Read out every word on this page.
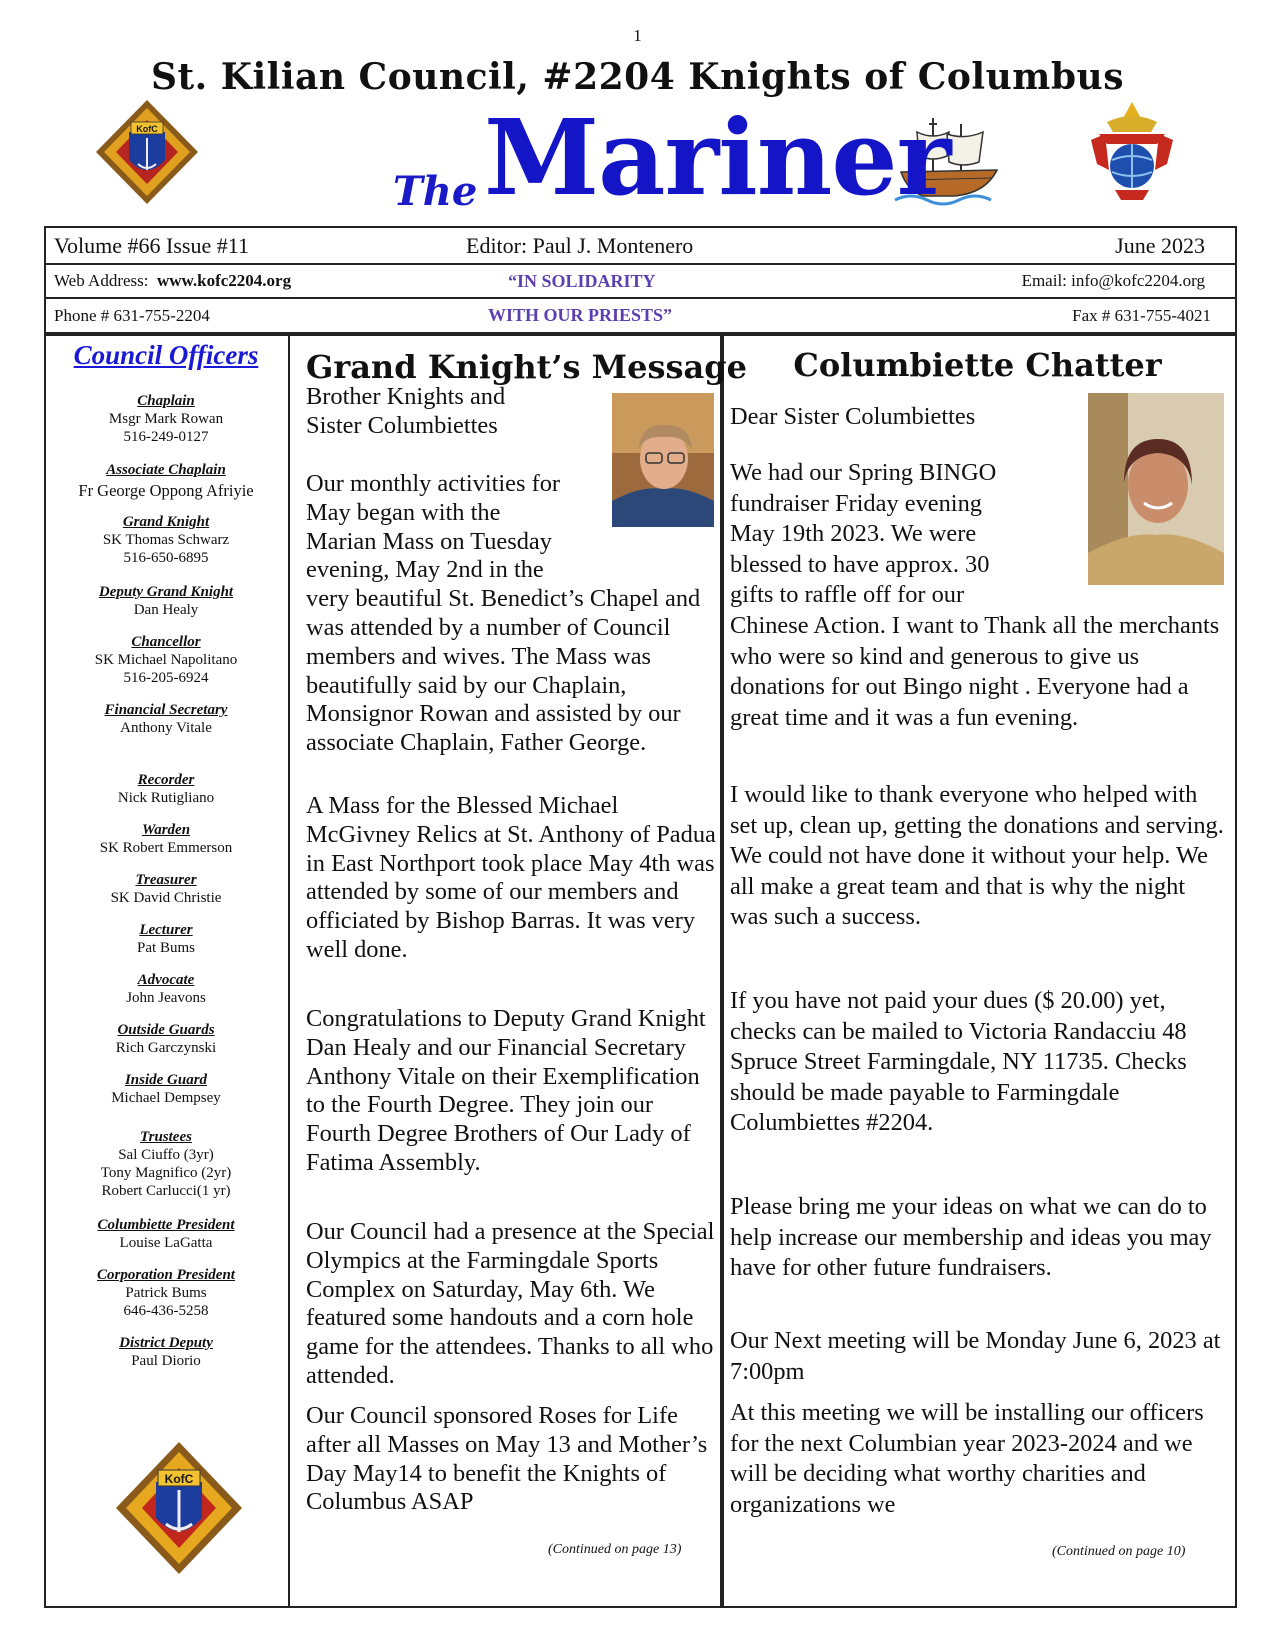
1
St. Kilian Council, #2204 Knights of Columbus
KofC
The Mariner
Volume #66 Issue #11	Editor: Paul J. Montenero	June 2023
Web Address:
www.kofc2204.org	“IN SOLIDARITY	Email: info@kofc2204.org
Phone # 631-755-2204	WITH OUR PRIESTS”	Fax # 631-755-4021
Council Officers
Chaplain
Msgr Mark Rowan
516-249-0127
Associate Chaplain
Fr George Oppong Afriyie
Grand Knight
SK Thomas Schwarz
516-650-6895
Deputy Grand Knight
Dan Healy
Chancellor
SK Michael Napolitano
516-205-6924
Financial Secretary
Anthony Vitale
Recorder
Nick Rutigliano
Warden
SK Robert Emmerson
Treasurer
SK David Christie
Lecturer
Pat Bums
Advocate
John Jeavons
Outside Guards
Rich Garczynski
Inside Guard
Michael Dempsey
Trustees
Sal Ciuffo (3yr)
Tony Magnifico (2yr)
Robert Carlucci(1 yr)
Columbiette President
Louise LaGatta
Corporation President
Patrick Bums
646-436-5258
District Deputy
Paul Diorio
KofC
Grand Knight’s Message
Brother Knights and
Sister Columbiettes
Our monthly activities for
May began with the
Marian Mass on Tuesday
evening, May 2nd in the
very beautiful St. Benedict’s Chapel and was attended by a number of Council members and wives. The Mass was beautifully said by our Chaplain, Monsignor Rowan and assisted by our associate Chaplain, Father George.
A Mass for the Blessed Michael McGivney Relics at St. Anthony of Padua in East Northport took place May 4th was attended by some of our members and officiated by Bishop Barras. It was very well done.
Congratulations to Deputy Grand Knight Dan Healy and our Financial Secretary Anthony Vitale on their Exemplification to the Fourth Degree. They join our Fourth Degree Brothers of Our Lady of Fatima Assembly.
Our Council had a presence at the Special Olympics at the Farmingdale Sports Complex on Saturday, May 6th. We featured some handouts and a corn hole game for the attendees. Thanks to all who attended.
Our Council sponsored Roses for Life after all Masses on May 13 and Mother’s Day May14 to benefit the Knights of Columbus ASAP
(Continued on page 13)
Columbiette Chatter
Dear Sister Columbiettes
We had our Spring BINGO
fundraiser Friday evening
May 19th 2023. We were
blessed to have approx. 30
gifts to raffle off for our
Chinese Action. I want to Thank all the merchants who were so kind and generous to give us donations for out Bingo night . Everyone had a great time and it was a fun evening.
I would like to thank everyone who helped with set up, clean up, getting the donations and serving. We could not have done it without your help. We all make a great team and that is why the night was such a success.
If you have not paid your dues ($ 20.00) yet, checks can be mailed to Victoria Randacciu 48 Spruce Street Farmingdale, NY 11735. Checks should be made payable to Farmingdale Columbiettes #2204.
Please bring me your ideas on what we can do to help increase our membership and ideas you may have for other future fundraisers.
Our Next meeting will be Monday June 6, 2023 at 7:00pm
At this meeting we will be installing our officers for the next Columbian year 2023-2024 and we will be deciding what worthy charities and organizations we
(Continued on page 10)
